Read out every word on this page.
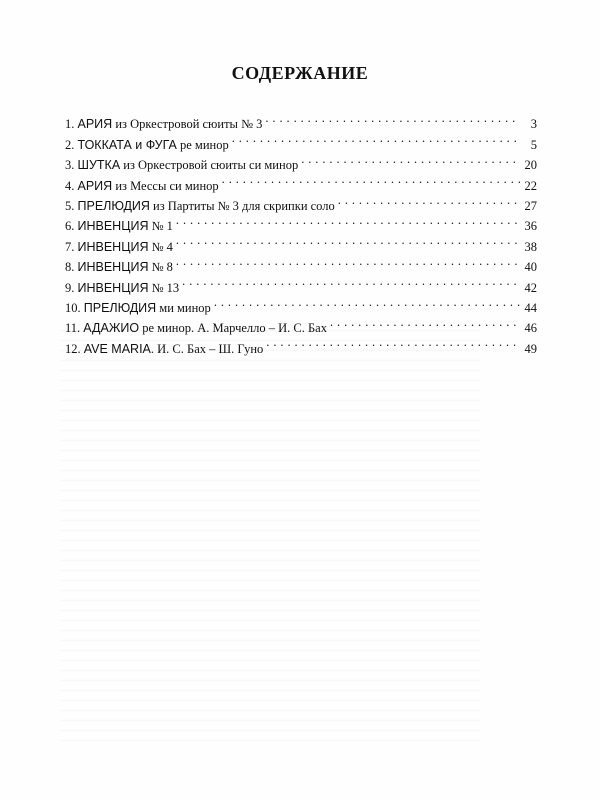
СОДЕРЖАНИЕ
1. АРИЯ из Оркестровой сюиты № 3 . . .	3
2. ТОККАТА и ФУГА ре минор . . .	5
3. ШУТКА из Оркестровой сюиты си минор . . .	20
4. АРИЯ из Мессы си минор . . .	22
5. ПРЕЛЮДИЯ из Партиты № 3 для скрипки соло . . .	27
6. ИНВЕНЦИЯ № 1 . . .	36
7. ИНВЕНЦИЯ № 4 . . .	38
8. ИНВЕНЦИЯ № 8 . . .	40
9. ИНВЕНЦИЯ № 13 . . .	42
10. ПРЕЛЮДИЯ ми минор . . .	44
11. АДАЖИО ре минор. А. Марчелло – И. С. Бах . . .	46
12. AVE MARIA. И. С. Бах – Ш. Гуно . . .	49
